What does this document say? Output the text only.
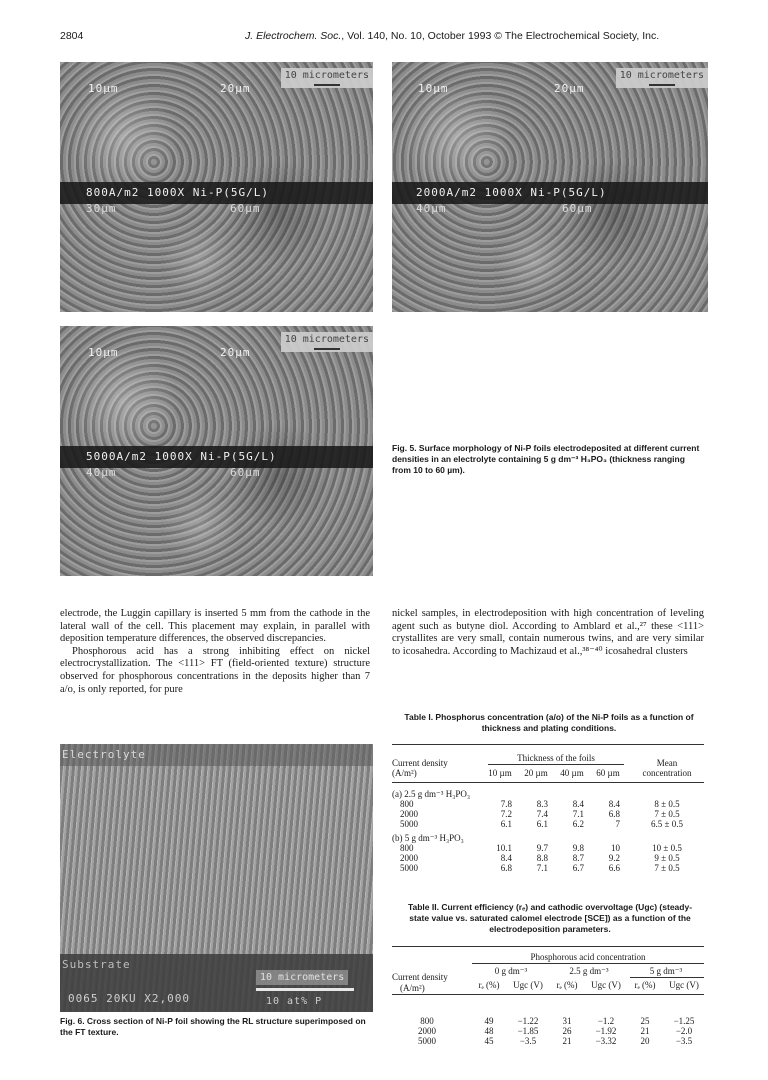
2804	J. Electrochem. Soc., Vol. 140, No. 10, October 1993 © The Electrochemical Society, Inc.
10 micrometers
10µm	20µm
800A/m2 1000X Ni-P(5G/L)
30µm	60µm
10 micrometers
10µm	20µm
2000A/m2 1000X Ni-P(5G/L)
40µm	60µm
10 micrometers
10µm	20µm
5000A/m2 1000X Ni-P(5G/L)
40µm	60µm
Fig. 5. Surface morphology of Ni-P foils electrodeposited at different current densities in an electrolyte containing 5 g dm⁻³ H₃PO₃ (thickness ranging from 10 to 60 µm).

electrode, the Luggin capillary is inserted 5 mm from the cathode in the lateral wall of the cell. This placement may explain, in parallel with deposition temperature differences, the observed discrepancies.

Phosphorous acid has a strong inhibiting effect on nickel electrocrystallization. The <111> FT (field-oriented texture) structure observed for phosphorous concentrations in the deposits higher than 7 a/o, is only reported, for pure

nickel samples, in electrodeposition with high concentration of leveling agent such as butyne diol. According to Amblard et al.,²⁷ these <111> crystallites are very small, contain numerous twins, and are very similar to icosahedra. According to Machizaud et al.,³⁸⁻⁴⁰ icosahedral clusters

Electrolyte
Substrate
10 micrometers
0065 20KU X2,000	10 at% P
Fig. 6. Cross section of Ni-P foil showing the RL structure superimposed on the FT texture.
Table I. Phosphorus concentration (a/o) of the Ni-P foils as a function of thickness and plating conditions.
Current density
(A/m²)
Thickness of the foils
10 µm	20 µm	40 µm	60 µm
Mean
concentration
(a) 2.5 g dm⁻³ H₃PO₃
800	7.8	8.3	8.4	8.4	8 ± 0.5
2000	7.2	7.4	7.1	6.8	7 ± 0.5
5000	6.1	6.1	6.2	7	6.5 ± 0.5
(b) 5 g dm⁻³ H₃PO₃
800	10.1	9.7	9.8	10	10 ± 0.5
2000	8.4	8.8	8.7	9.2	9 ± 0.5
5000	6.8	7.1	6.7	6.6	7 ± 0.5
Table II. Current efficiency (rₑ) and cathodic overvoltage (Ugc) (steady-state value vs. saturated calomel electrode [SCE]) as a function of the electrodeposition parameters.
Phosphorous acid concentration
Current density
(A/m²)
0 g dm⁻³	2.5 g dm⁻³	5 g dm⁻³
rₑ (%)	Ugc (V)	rₑ (%)	Ugc (V)	rₑ (%)	Ugc (V)
800	49	−1.22	31	−1.2	25	−1.25
2000	48	−1.85	26	−1.92	21	−2.0
5000	45	−3.5	21	−3.32	20	−3.5
